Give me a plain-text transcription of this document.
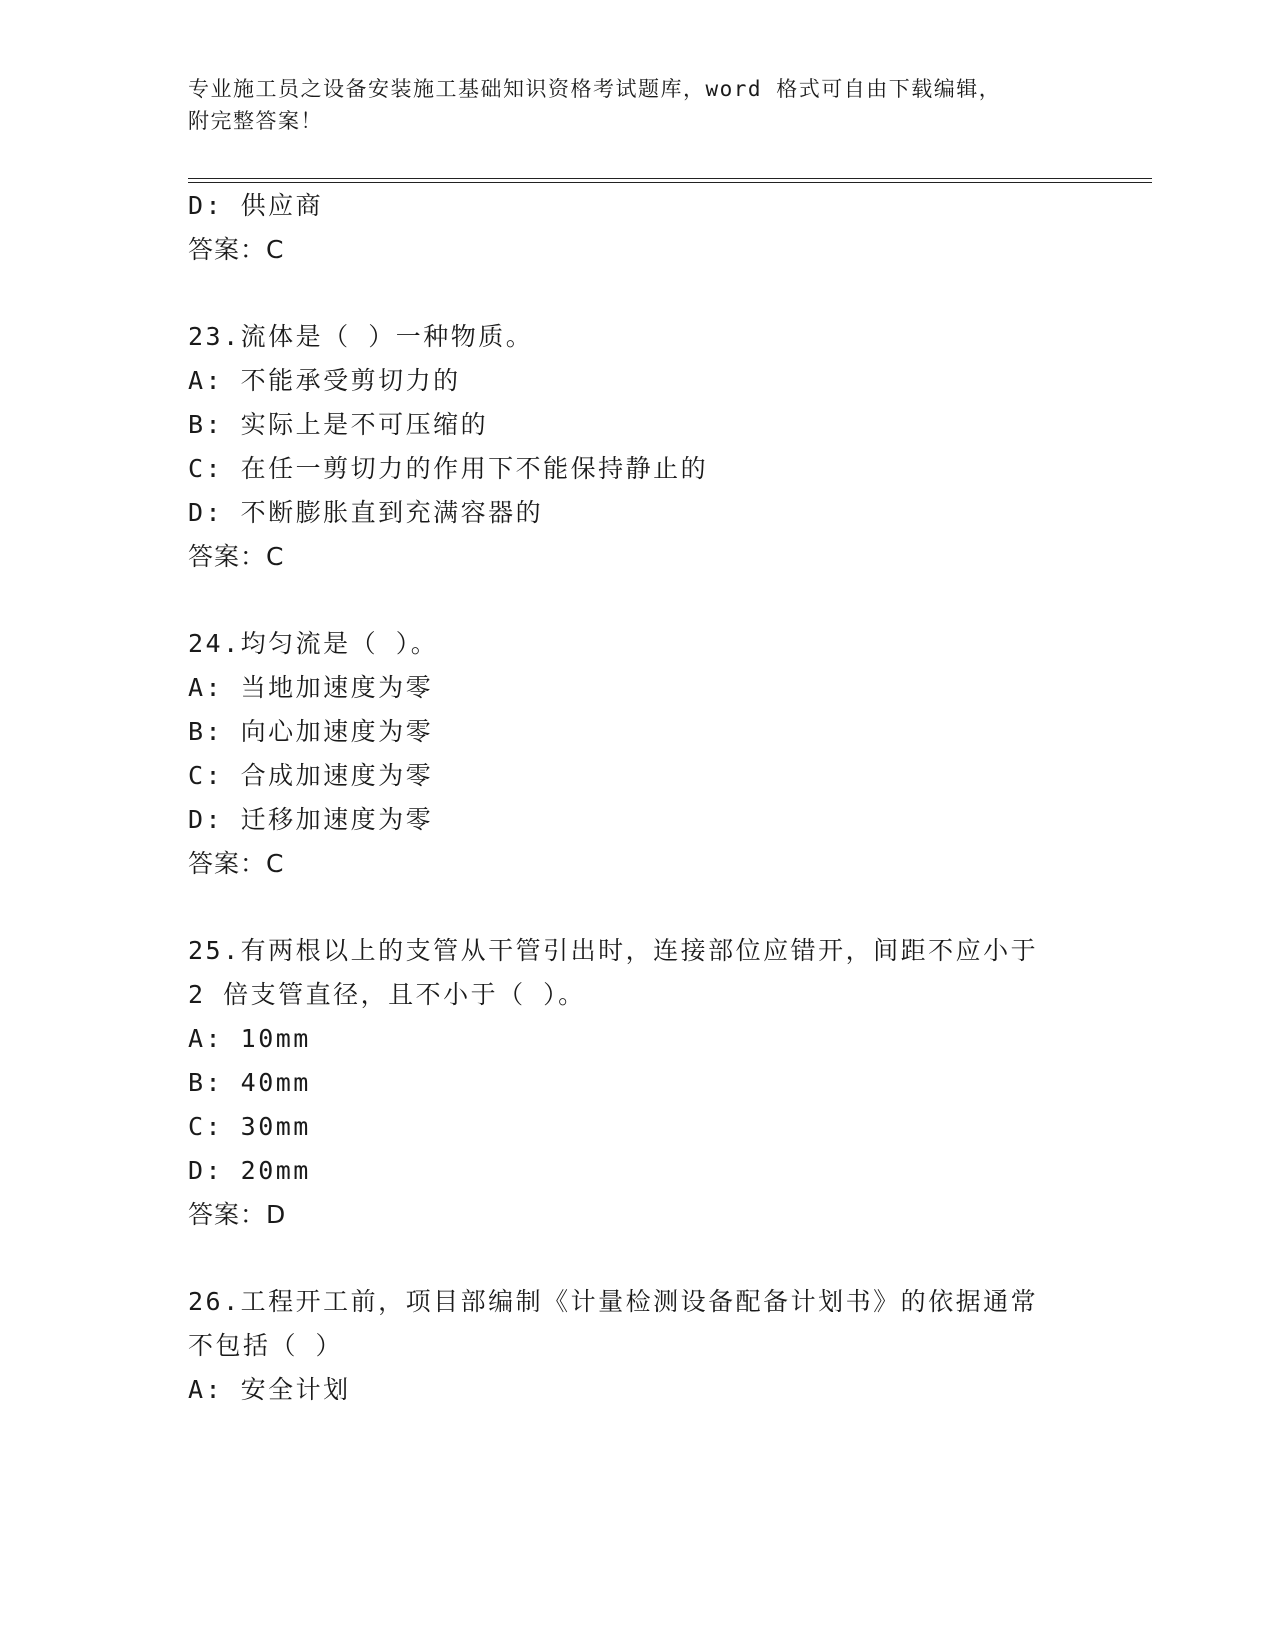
专业施工员之设备安装施工基础知识资格考试题库，word 格式可自由下载编辑，
附完整答案！
D: 供应商
答案：C
23.流体是（ ）一种物质。
A: 不能承受剪切力的
B: 实际上是不可压缩的
C: 在任一剪切力的作用下不能保持静止的
D: 不断膨胀直到充满容器的
答案：C
24.均匀流是（ ）。
A: 当地加速度为零
B: 向心加速度为零
C: 合成加速度为零
D: 迁移加速度为零
答案：C
25.有两根以上的支管从干管引出时，连接部位应错开，间距不应小于
2 倍支管直径，且不小于（ ）。
A: 10mm
B: 40mm
C: 30mm
D: 20mm
答案：D
26.工程开工前，项目部编制《计量检测设备配备计划书》的依据通常
不包括（ ）
A: 安全计划
